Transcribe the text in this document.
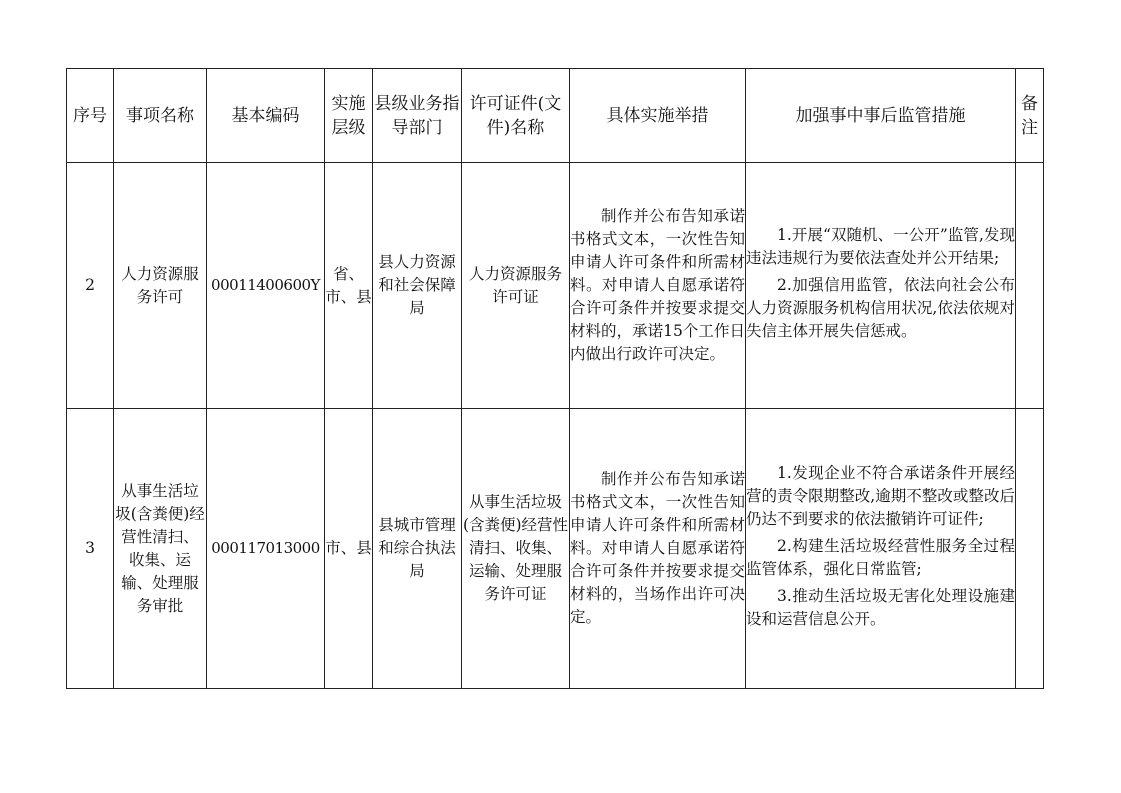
序号	事项名称	基本编码	实施层级	县级业务指导部门	许可证件(文件)名称	具体实施举措	加强事中事后监管措施	备注
2	人力资源服务许可	00011400600Y	省、市、县	县人力资源和社会保障局	人力资源服务许可证	制作并公布告知承诺书格式文本，一次性告知申请人许可条件和所需材料。对申请人自愿承诺符合许可条件并按要求提交材料的，承诺15个工作日内做出行政许可决定。	1.开展“双随机、一公开”监管,发现违法违规行为要依法查处并公开结果;

2.加强信用监管，依法向社会公布人力资源服务机构信用状况,依法依规对失信主体开展失信惩戒。	

3	从事生活垃圾(含粪便)经营性清扫、收集、运输、处理服务审批	000117013000	市、县	县城市管理和综合执法局	从事生活垃圾(含粪便)经营性清扫、收集、运输、处理服务许可证	制作并公布告知承诺书格式文本，一次性告知申请人许可条件和所需材料。对申请人自愿承诺符合许可条件并按要求提交材料的，当场作出许可决定。	1.发现企业不符合承诺条件开展经营的责令限期整改,逾期不整改或整改后仍达不到要求的依法撤销许可证件;

2.构建生活垃圾经营性服务全过程监管体系，强化日常监管;

3.推动生活垃圾无害化处理设施建设和运营信息公开。	
